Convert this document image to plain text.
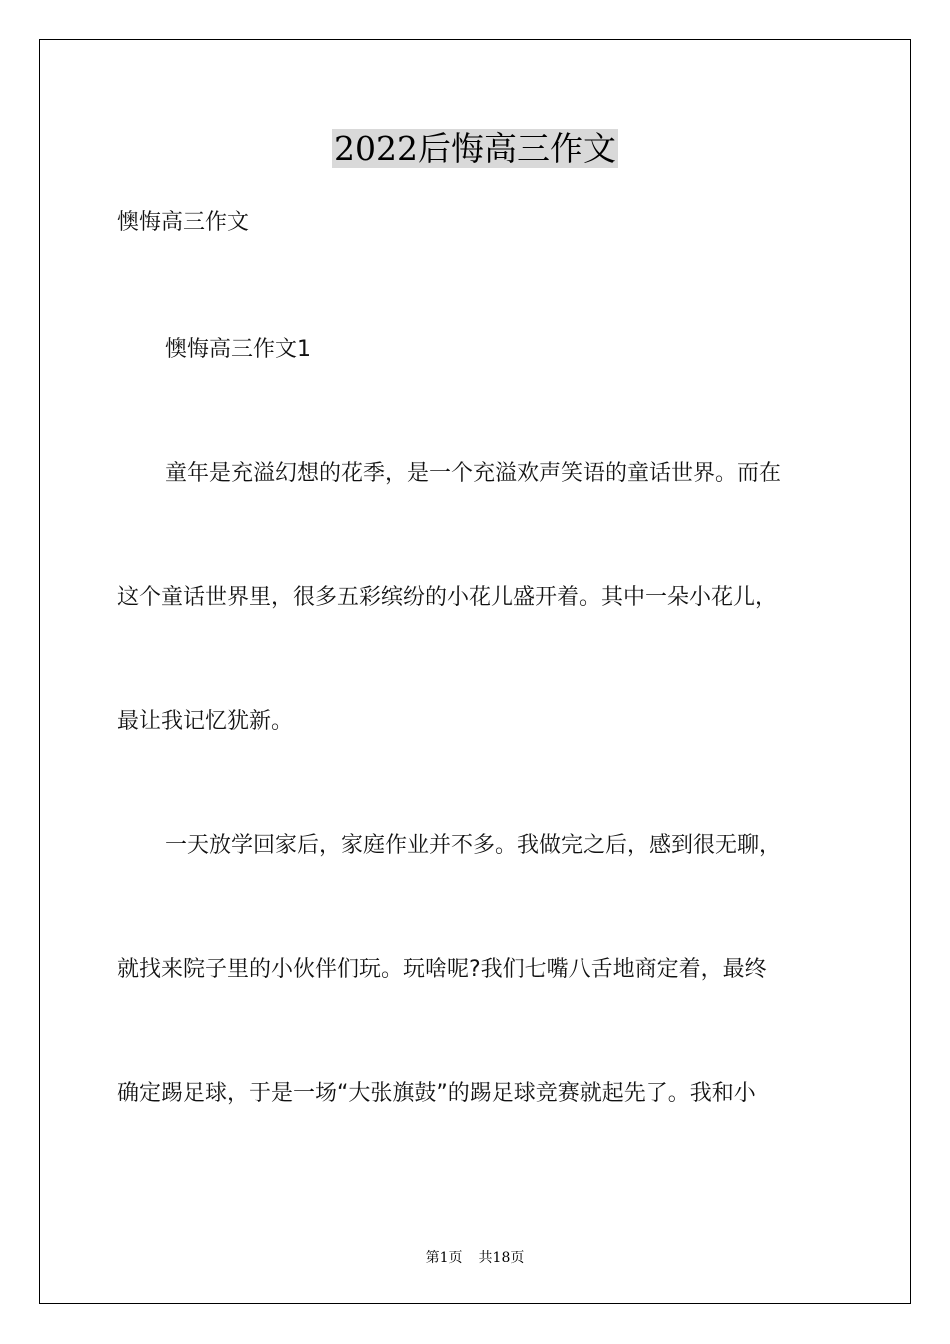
2022后悔高三作文

懊悔高三作文

懊悔高三作文1

童年是充溢幻想的花季，是一个充溢欢声笑语的童话世界。而在

这个童话世界里，很多五彩缤纷的小花儿盛开着。其中一朵小花儿，

最让我记忆犹新。

一天放学回家后，家庭作业并不多。我做完之后，感到很无聊，

就找来院子里的小伙伴们玩。玩啥呢?我们七嘴八舌地商定着，最终

确定踢足球，于是一场“大张旗鼓”的踢足球竞赛就起先了。我和小

第1页 共18页
